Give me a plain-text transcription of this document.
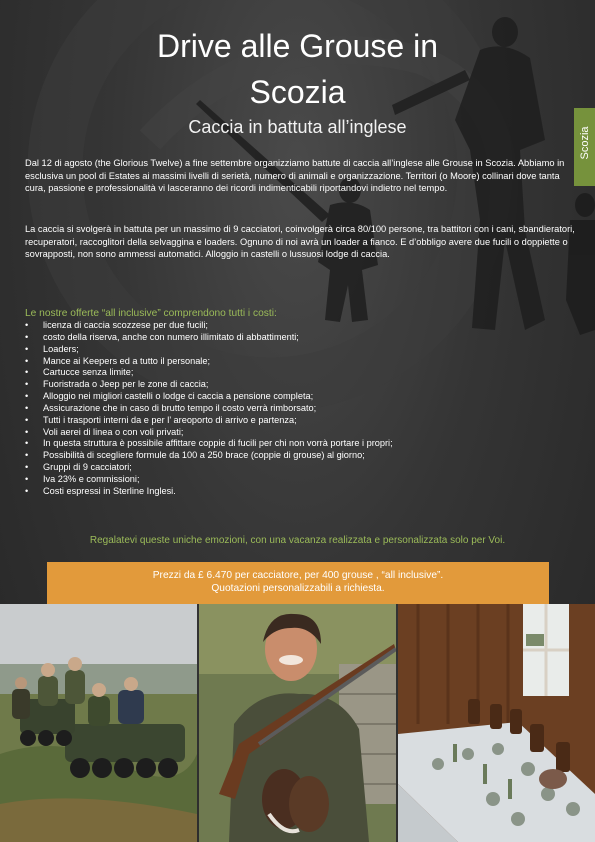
Drive alle Grouse in
Scozia
Caccia in battuta all’inglese	Scozia

Dal 12 di agosto (the Glorious Twelve) a fine settembre organizziamo battute di caccia all’inglese alle Grouse in Scozia. Abbiamo in esclusiva un pool di Estates ai massimi livelli di serietà, numero di animali e organizzazione. Territori (o Moore) collinari dove tanta cura, passione e professionalità vi lasceranno dei ricordi indimenticabili riportandovi indietro nel tempo.

La caccia si svolgerà in battuta per un massimo di 9 cacciatori, coinvolgerà circa 80/100 persone, tra battitori con i cani, sbandieratori, recuperatori, raccoglitori della selvaggina e loaders. Ognuno di noi avrà un loader a fianco. E d’obbligo avere due fucili o doppiette o sovrapposti, non sono ammessi automatici. Alloggio in castelli o lussuosi lodge di caccia.

Le nostre offerte “all inclusive” comprendono tutti i costi:
• licenza di caccia scozzese per due fucili;
• costo della riserva, anche con numero illimitato di abbattimenti;
• Loaders;
• Mance ai Keepers ed a tutto il personale;
• Cartucce senza limite;
• Fuoristrada o Jeep per le zone di caccia;
• Alloggio nei migliori castelli o lodge ci caccia a pensione completa;
• Assicurazione che in caso di brutto tempo il costo verrà rimborsato;
• Tutti i trasporti interni da e per l’ areoporto di arrivo e partenza;
• Voli aerei di linea o con voli privati;
• In questa struttura è possibile affittare coppie di fucili per chi non vorrà portare i propri;
• Possibilità di scegliere formule da 100 a 250 brace (coppie di grouse) al giorno;
• Gruppi di 9 cacciatori;
• Iva 23% e commissioni;
• Costi espressi in Sterline Inglesi.
Regalatevi queste uniche emozioni, con una vacanza realizzata e personalizzata solo per Voi.
Prezzi da £ 6.470 per cacciatore, per 400 grouse , “all inclusive”.
Quotazioni personalizzabili a richiesta.
